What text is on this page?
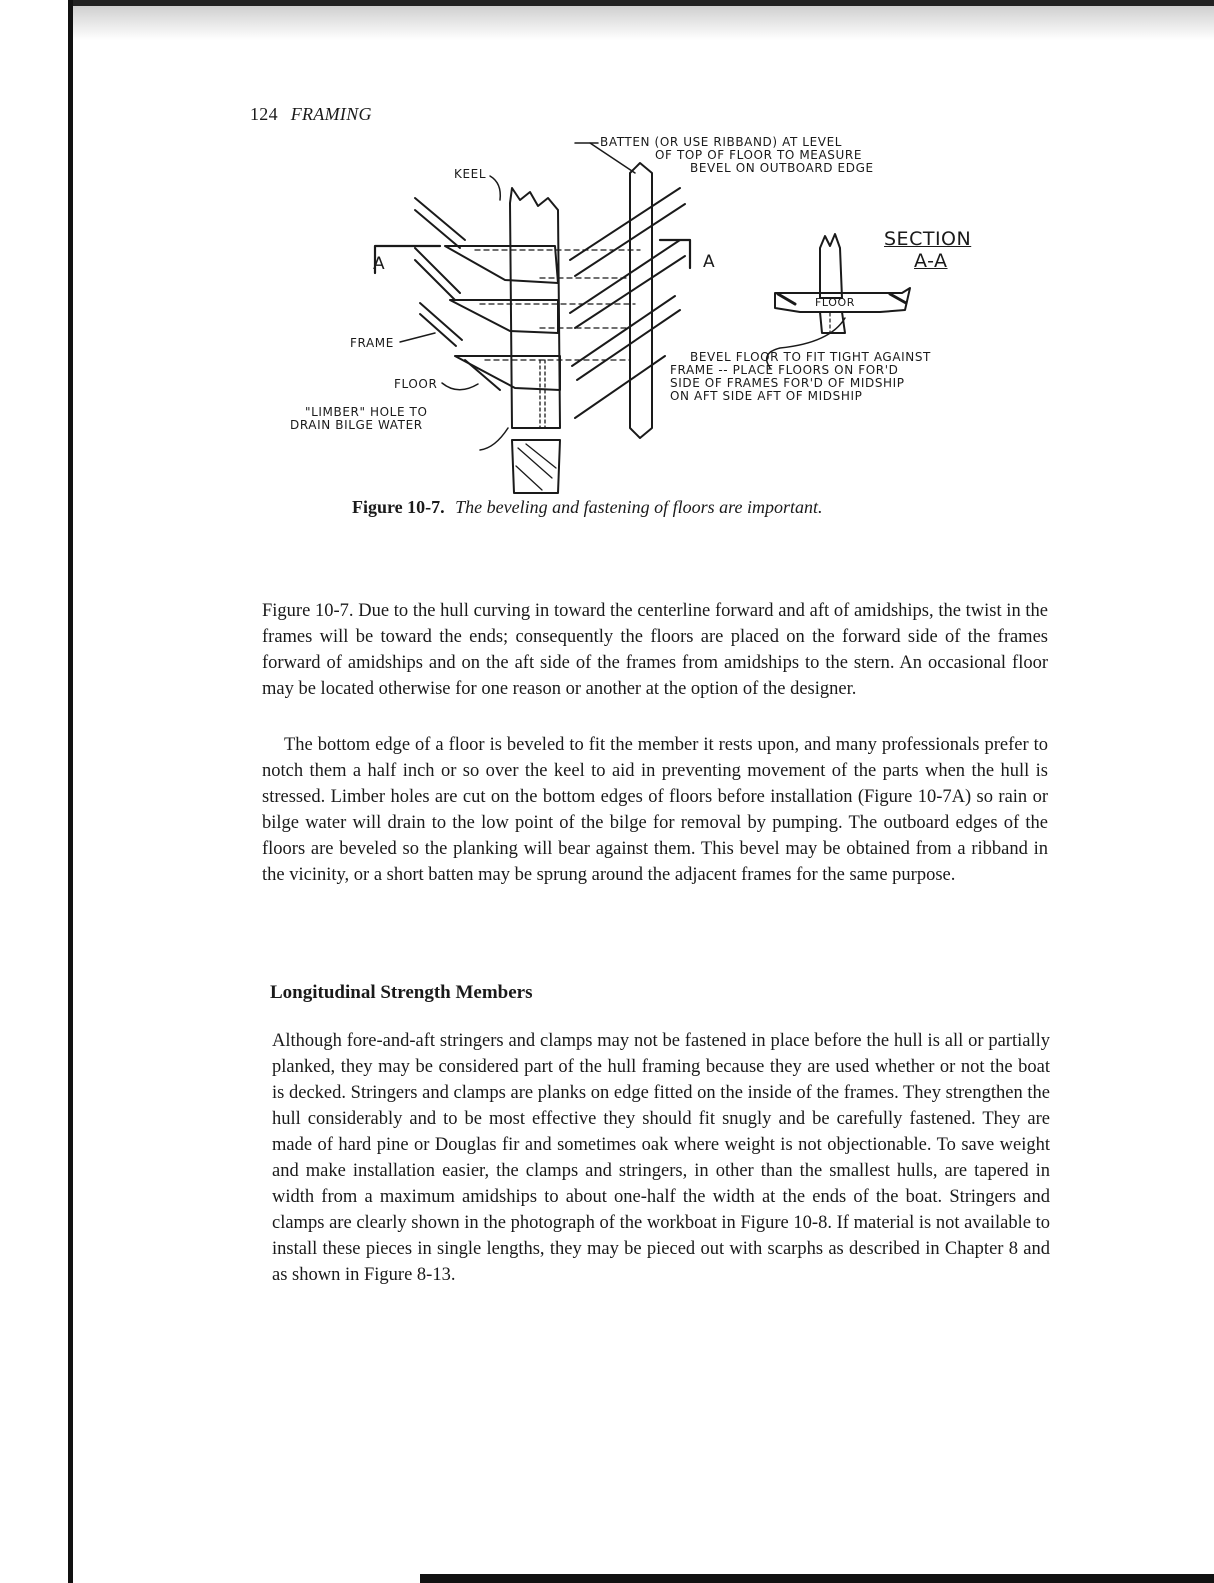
124 FRAMING
BATTEN (OR USE RIBBAND) AT LEVEL
OF TOP OF FLOOR TO MEASURE
BEVEL ON OUTBOARD EDGE
KEEL
A	A
FRAME
FLOOR
"LIMBER" HOLE TO
DRAIN BILGE WATER
SECTION
A-A
FLOOR
BEVEL FLOOR TO FIT TIGHT AGAINST
FRAME -- PLACE FLOORS ON FOR'D
SIDE OF FRAMES FOR'D OF MIDSHIP
ON AFT SIDE AFT OF MIDSHIP
Figure 10-7. The beveling and fastening of floors are important.

Figure 10-7. Due to the hull curving in toward the centerline forward and aft of amidships, the twist in the frames will be toward the ends; consequently the floors are placed on the forward side of the frames forward of amidships and on the aft side of the frames from amidships to the stern. An occasional floor may be located otherwise for one reason or another at the option of the designer.

The bottom edge of a floor is beveled to fit the member it rests upon, and many professionals prefer to notch them a half inch or so over the keel to aid in preventing movement of the parts when the hull is stressed. Limber holes are cut on the bottom edges of floors before installation (Figure 10-7A) so rain or bilge water will drain to the low point of the bilge for removal by pumping. The outboard edges of the floors are beveled so the planking will bear against them. This bevel may be obtained from a ribband in the vicinity, or a short batten may be sprung around the adjacent frames for the same purpose.

Longitudinal Strength Members

Although fore-and-aft stringers and clamps may not be fastened in place before the hull is all or partially planked, they may be considered part of the hull framing because they are used whether or not the boat is decked. Stringers and clamps are planks on edge fitted on the inside of the frames. They strengthen the hull considerably and to be most effective they should fit snugly and be carefully fastened. They are made of hard pine or Douglas fir and sometimes oak where weight is not objectionable. To save weight and make installation easier, the clamps and stringers, in other than the smallest hulls, are tapered in width from a maximum amidships to about one-half the width at the ends of the boat. Stringers and clamps are clearly shown in the photograph of the workboat in Figure 10-8. If material is not available to install these pieces in single lengths, they may be pieced out with scarphs as described in Chapter 8 and as shown in Figure 8-13.
